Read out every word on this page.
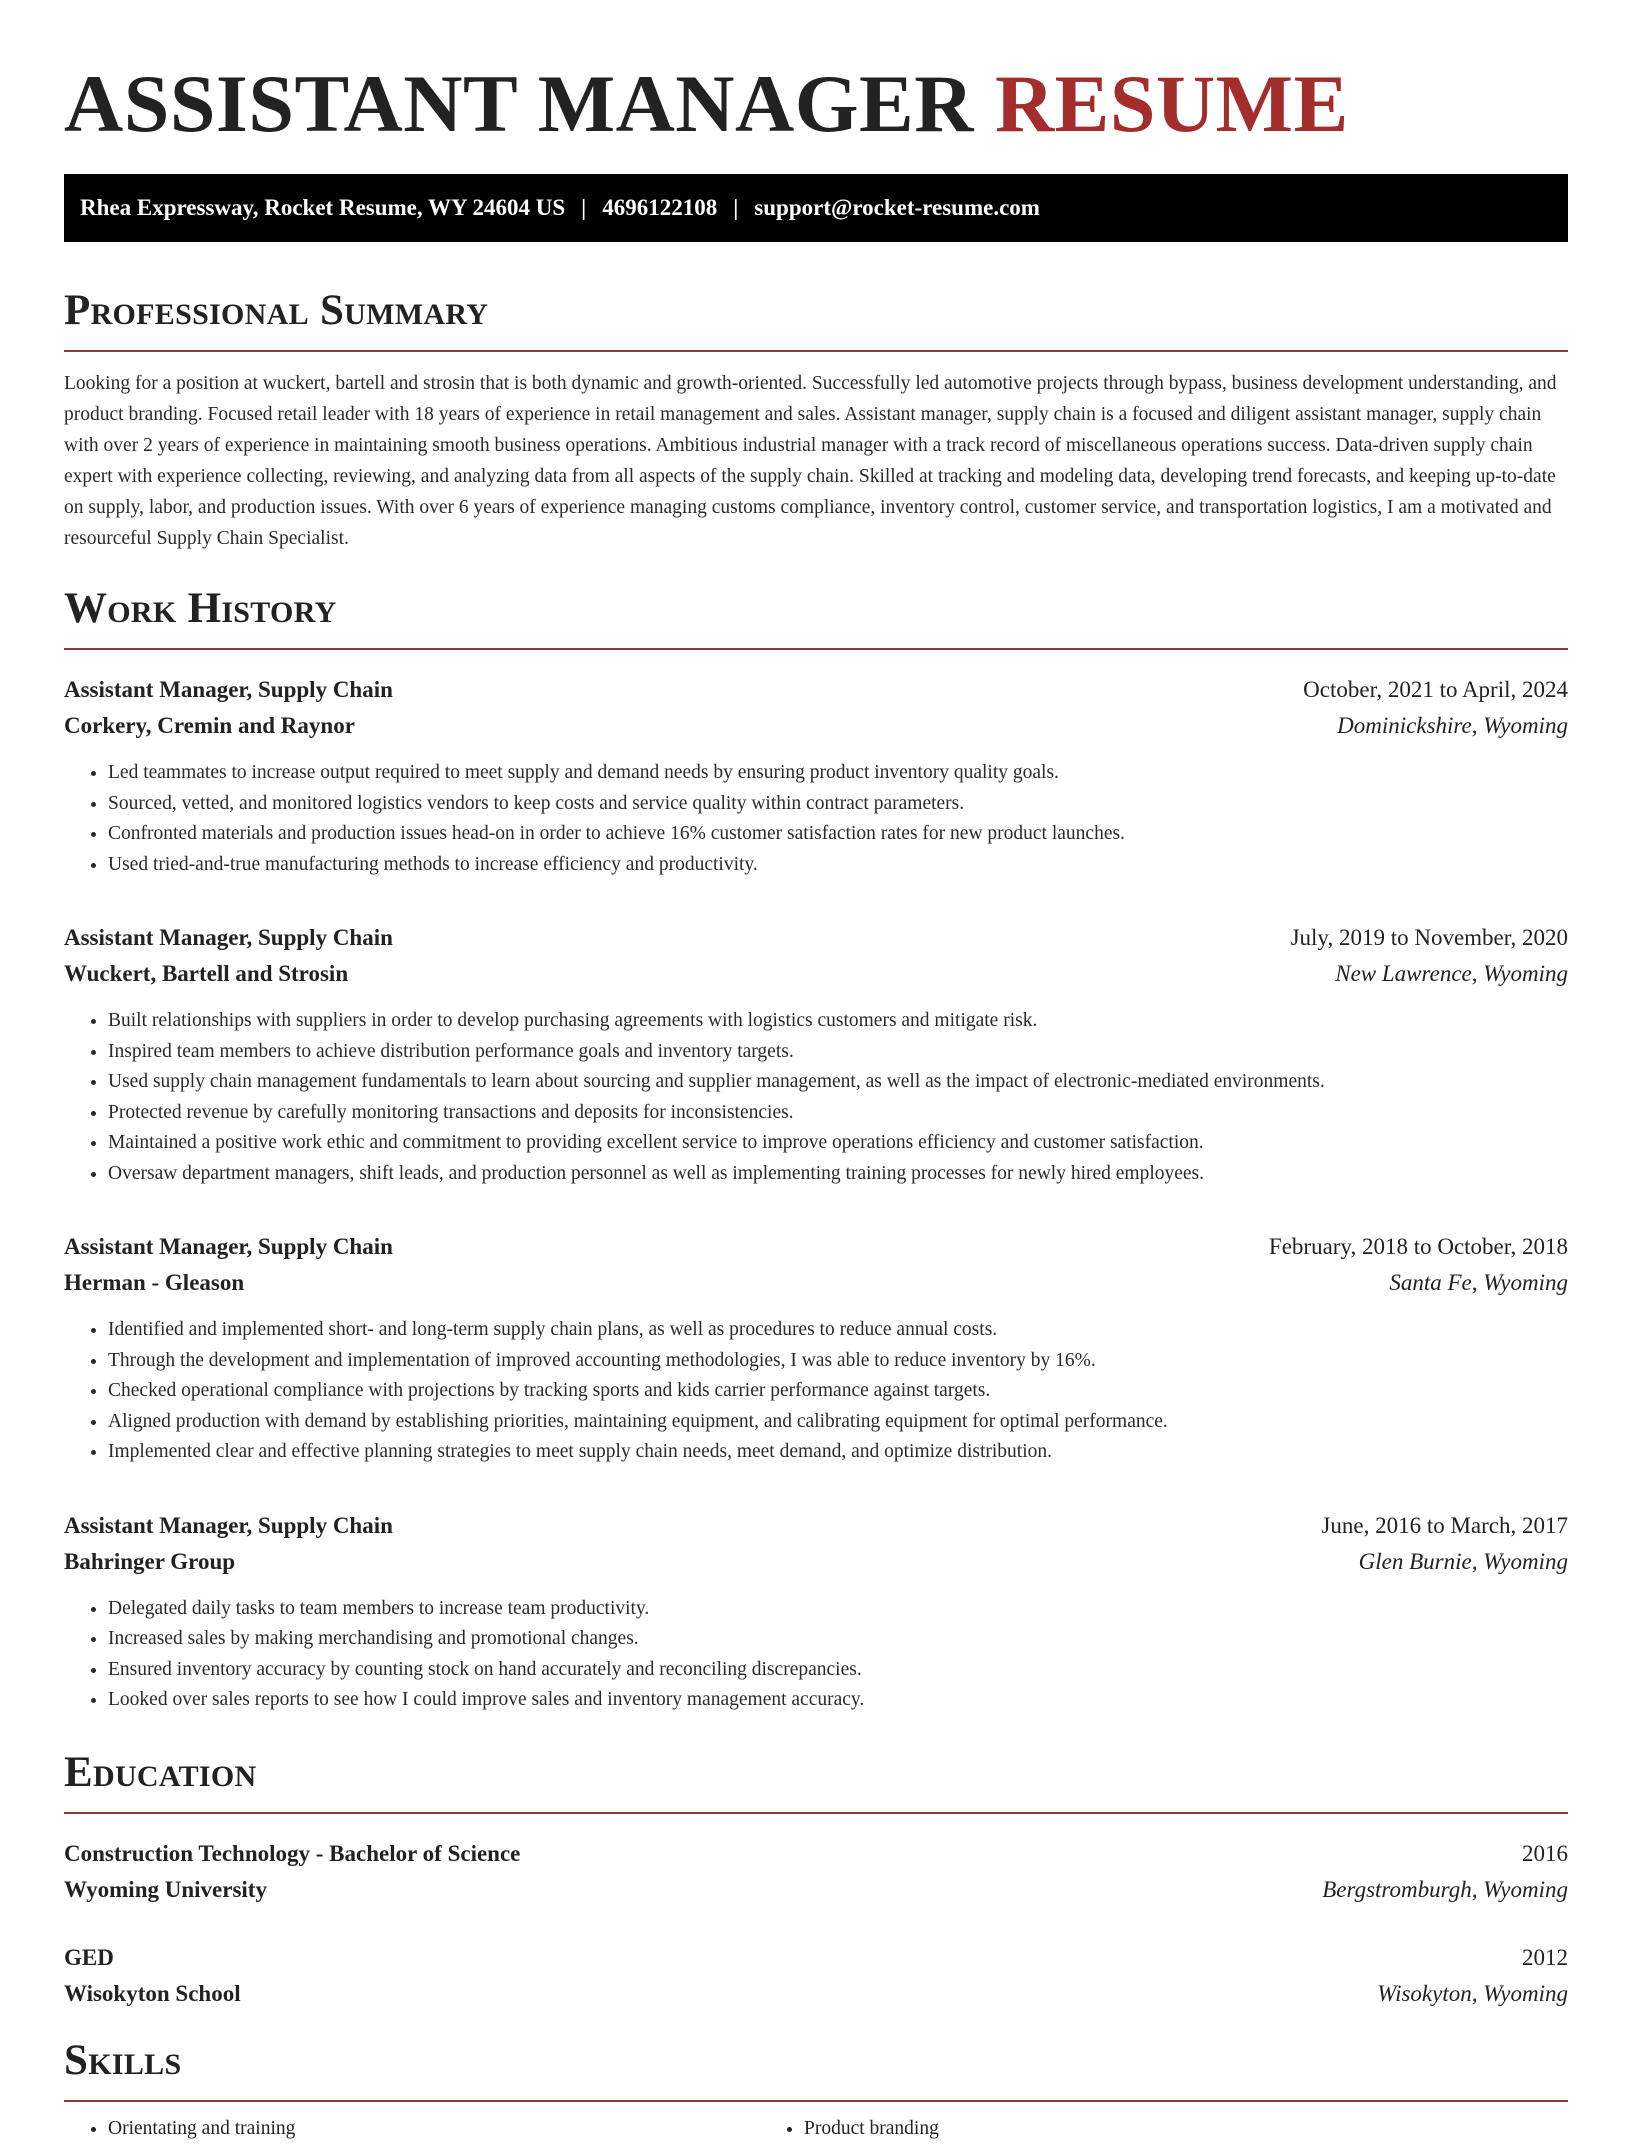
ASSISTANT MANAGER RESUME
Rhea Expressway, Rocket Resume, WY 24604 US | 4696122108 | support@rocket-resume.com
Professional Summary

Looking for a position at wuckert, bartell and strosin that is both dynamic and growth-oriented. Successfully led automotive projects through bypass, business development understanding, and product branding. Focused retail leader with 18 years of experience in retail management and sales. Assistant manager, supply chain is a focused and diligent assistant manager, supply chain with over 2 years of experience in maintaining smooth business operations. Ambitious industrial manager with a track record of miscellaneous operations success. Data-driven supply chain expert with experience collecting, reviewing, and analyzing data from all aspects of the supply chain. Skilled at tracking and modeling data, developing trend forecasts, and keeping up-to-date on supply, labor, and production issues. With over 6 years of experience managing customs compliance, inventory control, customer service, and transportation logistics, I am a motivated and resourceful Supply Chain Specialist.

Work History
Assistant Manager, Supply Chain	October, 2021 to April, 2024
Corkery, Cremin and Raynor	Dominickshire, Wyoming
• Led teammates to increase output required to meet supply and demand needs by ensuring product inventory quality goals.
• Sourced, vetted, and monitored logistics vendors to keep costs and service quality within contract parameters.
• Confronted materials and production issues head-on in order to achieve 16% customer satisfaction rates for new product launches.
• Used tried-and-true manufacturing methods to increase efficiency and productivity.
Assistant Manager, Supply Chain	July, 2019 to November, 2020
Wuckert, Bartell and Strosin	New Lawrence, Wyoming
• Built relationships with suppliers in order to develop purchasing agreements with logistics customers and mitigate risk.
• Inspired team members to achieve distribution performance goals and inventory targets.
• Used supply chain management fundamentals to learn about sourcing and supplier management, as well as the impact of electronic-mediated environments.
• Protected revenue by carefully monitoring transactions and deposits for inconsistencies.
• Maintained a positive work ethic and commitment to providing excellent service to improve operations efficiency and customer satisfaction.
• Oversaw department managers, shift leads, and production personnel as well as implementing training processes for newly hired employees.
Assistant Manager, Supply Chain	February, 2018 to October, 2018
Herman - Gleason	Santa Fe, Wyoming
• Identified and implemented short- and long-term supply chain plans, as well as procedures to reduce annual costs.
• Through the development and implementation of improved accounting methodologies, I was able to reduce inventory by 16%.
• Checked operational compliance with projections by tracking sports and kids carrier performance against targets.
• Aligned production with demand by establishing priorities, maintaining equipment, and calibrating equipment for optimal performance.
• Implemented clear and effective planning strategies to meet supply chain needs, meet demand, and optimize distribution.
Assistant Manager, Supply Chain	June, 2016 to March, 2017
Bahringer Group	Glen Burnie, Wyoming
• Delegated daily tasks to team members to increase team productivity.
• Increased sales by making merchandising and promotional changes.
• Ensured inventory accuracy by counting stock on hand accurately and reconciling discrepancies.
• Looked over sales reports to see how I could improve sales and inventory management accuracy.
Education
Construction Technology - Bachelor of Science	2016
Wyoming University	Bergstromburgh, Wyoming
GED	2012
Wisokyton School	Wisokyton, Wyoming
Skills
• Orientating and training
•	Product branding
